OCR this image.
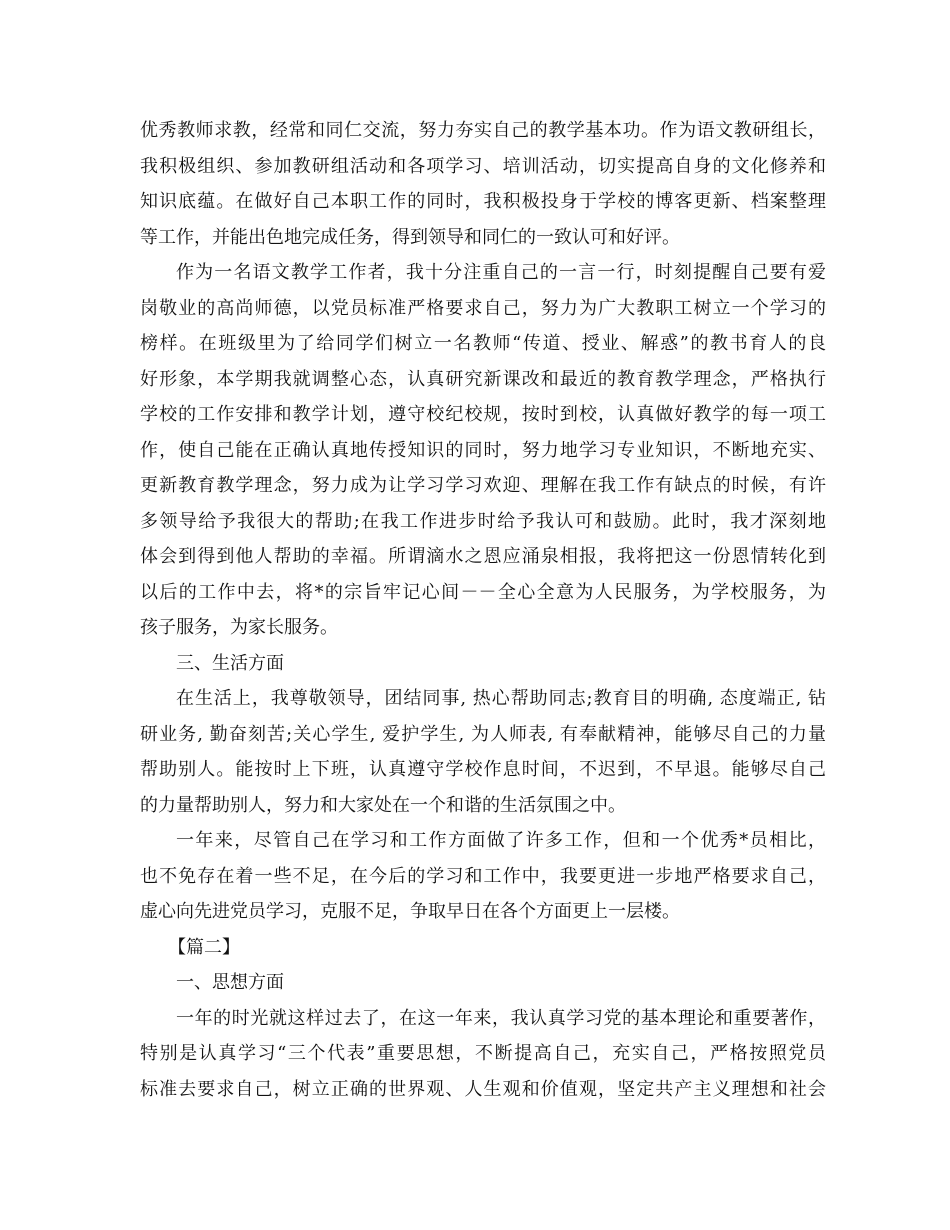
优秀教师求教，经常和同仁交流，努力夯实自己的教学基本功。作为语文教研组长，
我积极组织、参加教研组活动和各项学习、培训活动，切实提高自身的文化修养和
知识底蕴。在做好自己本职工作的同时，我积极投身于学校的博客更新、档案整理
等工作，并能出色地完成任务，得到领导和同仁的一致认可和好评。
作为一名语文教学工作者，我十分注重自己的一言一行，时刻提醒自己要有爱
岗敬业的高尚师德，以党员标准严格要求自己，努力为广大教职工树立一个学习的
榜样。在班级里为了给同学们树立一名教师“传道、授业、解惑”的教书育人的良
好形象，本学期我就调整心态，认真研究新课改和最近的教育教学理念，严格执行
学校的工作安排和教学计划，遵守校纪校规，按时到校，认真做好教学的每一项工
作，使自己能在正确认真地传授知识的同时，努力地学习专业知识，不断地充实、
更新教育教学理念，努力成为让学习学习欢迎、理解在我工作有缺点的时候，有许
多领导给予我很大的帮助;在我工作进步时给予我认可和鼓励。此时，我才深刻地
体会到得到他人帮助的幸福。所谓滴水之恩应涌泉相报，我将把这一份恩情转化到
以后的工作中去，将*的宗旨牢记心间－－全心全意为人民服务，为学校服务，为
孩子服务，为家长服务。
三、生活方面
在生活上，我尊敬领导，团结同事, 热心帮助同志;教育目的明确, 态度端正, 钻
研业务, 勤奋刻苦;关心学生, 爱护学生, 为人师表, 有奉献精神，能够尽自己的力量
帮助别人。能按时上下班，认真遵守学校作息时间，不迟到，不早退。能够尽自己
的力量帮助别人，努力和大家处在一个和谐的生活氛围之中。
一年来，尽管自己在学习和工作方面做了许多工作，但和一个优秀*员相比，
也不免存在着一些不足，在今后的学习和工作中，我要更进一步地严格要求自己，
虚心向先进党员学习，克服不足，争取早日在各个方面更上一层楼。
【篇二】
一、思想方面
一年的时光就这样过去了，在这一年来，我认真学习党的基本理论和重要著作，
特别是认真学习“三个代表”重要思想，不断提高自己，充实自己，严格按照党员
标准去要求自己，树立正确的世界观、人生观和价值观，坚定共产主义理想和社会
